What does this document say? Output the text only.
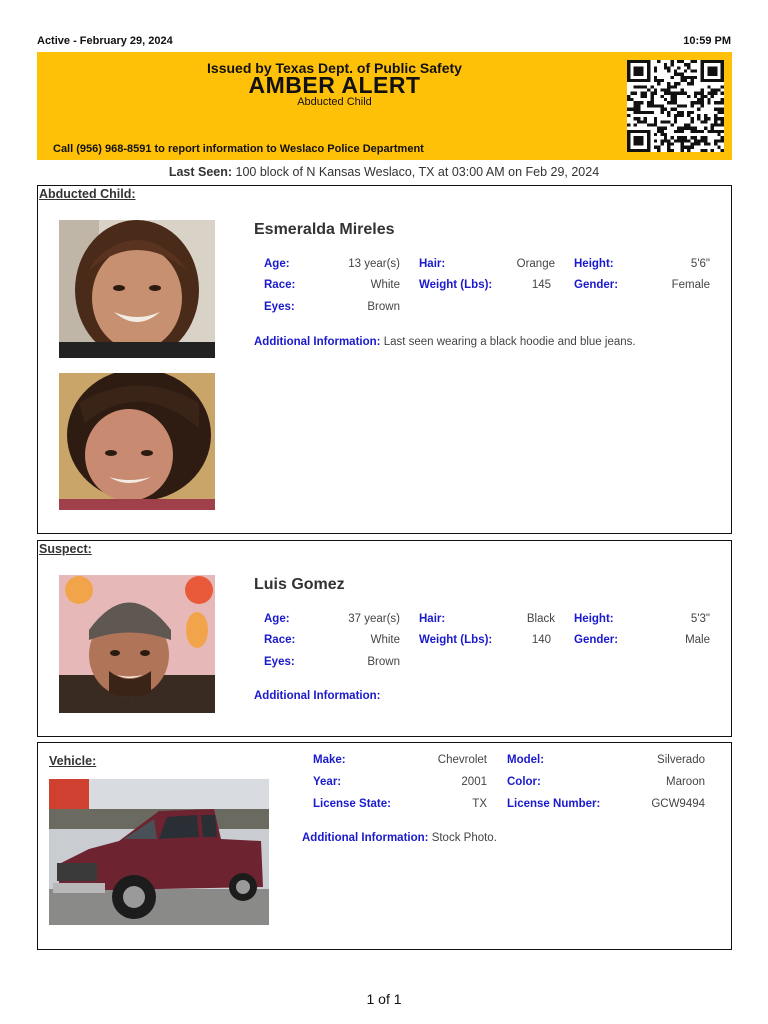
Active - February 29, 2024	10:59 PM
Issued by Texas Dept. of Public Safety
AMBER ALERT
Abducted Child
Call (956) 968-8591 to report information to Weslaco Police Department
Last Seen: 100 block of N Kansas Weslaco, TX at 03:00 AM on Feb 29, 2024
Abducted Child:
Esmeralda Mireles
Age:	13 year(s) Hair:	Orange Height:	5'6"
Race:	White Weight (Lbs):	145 Gender:	Female
Eyes:	Brown
Additional Information: Last seen wearing a black hoodie and blue jeans.
Suspect:
Luis Gomez
Age:	37 year(s) Hair:	Black Height:	5'3"
Race:	White Weight (Lbs):	140 Gender:	Male
Eyes:	Brown
Additional Information:
Vehicle:	Make:	Chevrolet Model:	Silverado
Year:	2001 Color:	Maroon
License State:	TX License Number:	GCW9494
Additional Information: Stock Photo.
1 of 1
